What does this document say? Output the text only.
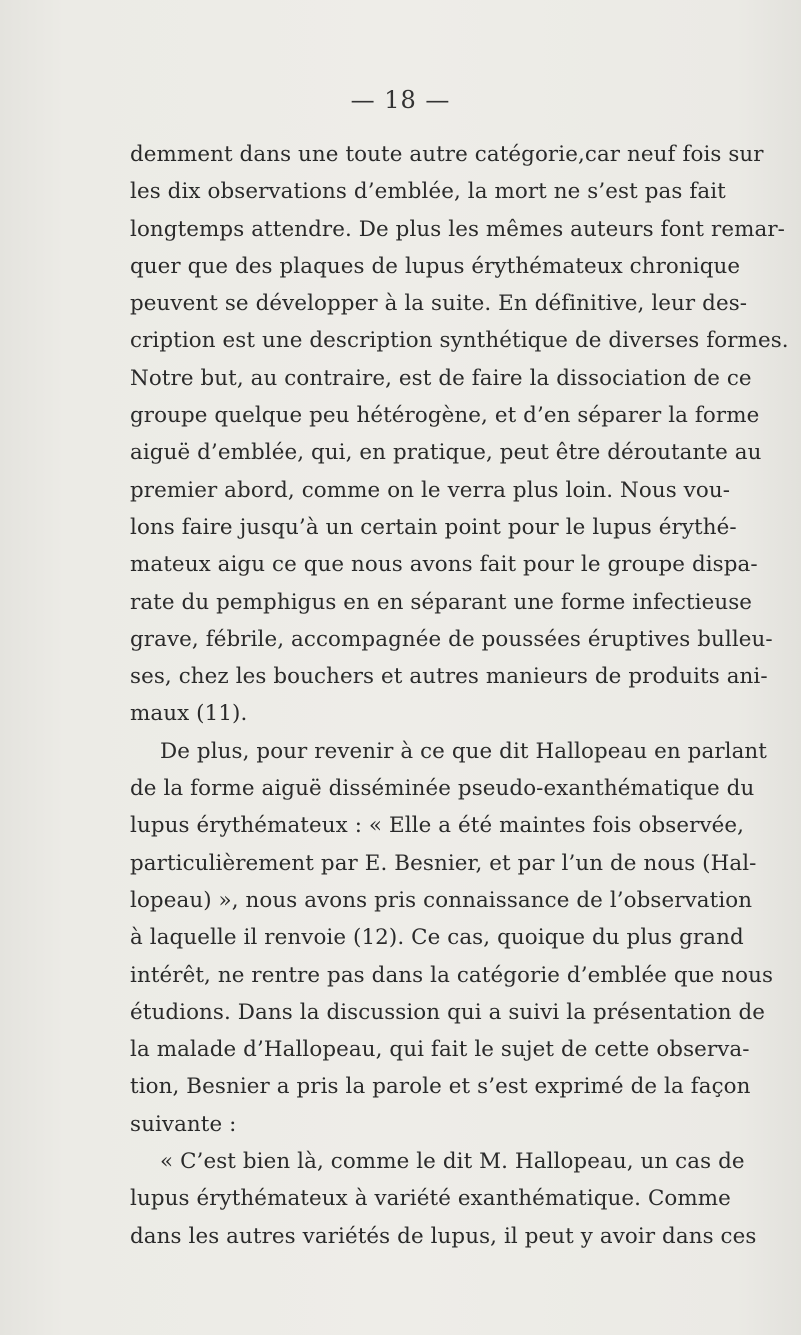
— 18 —
demment dans une toute autre catégorie,car neuf fois sur
les dix observations d’emblée, la mort ne s’est pas fait
longtemps attendre. De plus les mêmes auteurs font remar-
quer que des plaques de lupus érythémateux chronique
peuvent se développer à la suite. En définitive, leur des-
cription est une description synthétique de diverses formes.
Notre but, au contraire, est de faire la dissociation de ce
groupe quelque peu hétérogène, et d’en séparer la forme
aiguë d’emblée, qui, en pratique, peut être déroutante au
premier abord, comme on le verra plus loin. Nous vou-
lons faire jusqu’à un certain point pour le lupus érythé-
mateux aigu ce que nous avons fait pour le groupe dispa-
rate du pemphigus en en séparant une forme infectieuse
grave, fébrile, accompagnée de poussées éruptives bulleu-
ses, chez les bouchers et autres manieurs de produits ani-
maux (11).
De plus, pour revenir à ce que dit Hallopeau en parlant
de la forme aiguë disséminée pseudo-exanthématique du
lupus érythémateux : « Elle a été maintes fois observée,
particulièrement par E. Besnier, et par l’un de nous (Hal-
lopeau) », nous avons pris connaissance de l’observation
à laquelle il renvoie (12). Ce cas, quoique du plus grand
intérêt, ne rentre pas dans la catégorie d’emblée que nous
étudions. Dans la discussion qui a suivi la présentation de
la malade d’Hallopeau, qui fait le sujet de cette observa-
tion, Besnier a pris la parole et s’est exprimé de la façon
suivante :
« C’est bien là, comme le dit M. Hallopeau, un cas de
lupus érythémateux à variété exanthématique. Comme
dans les autres variétés de lupus, il peut y avoir dans ces
